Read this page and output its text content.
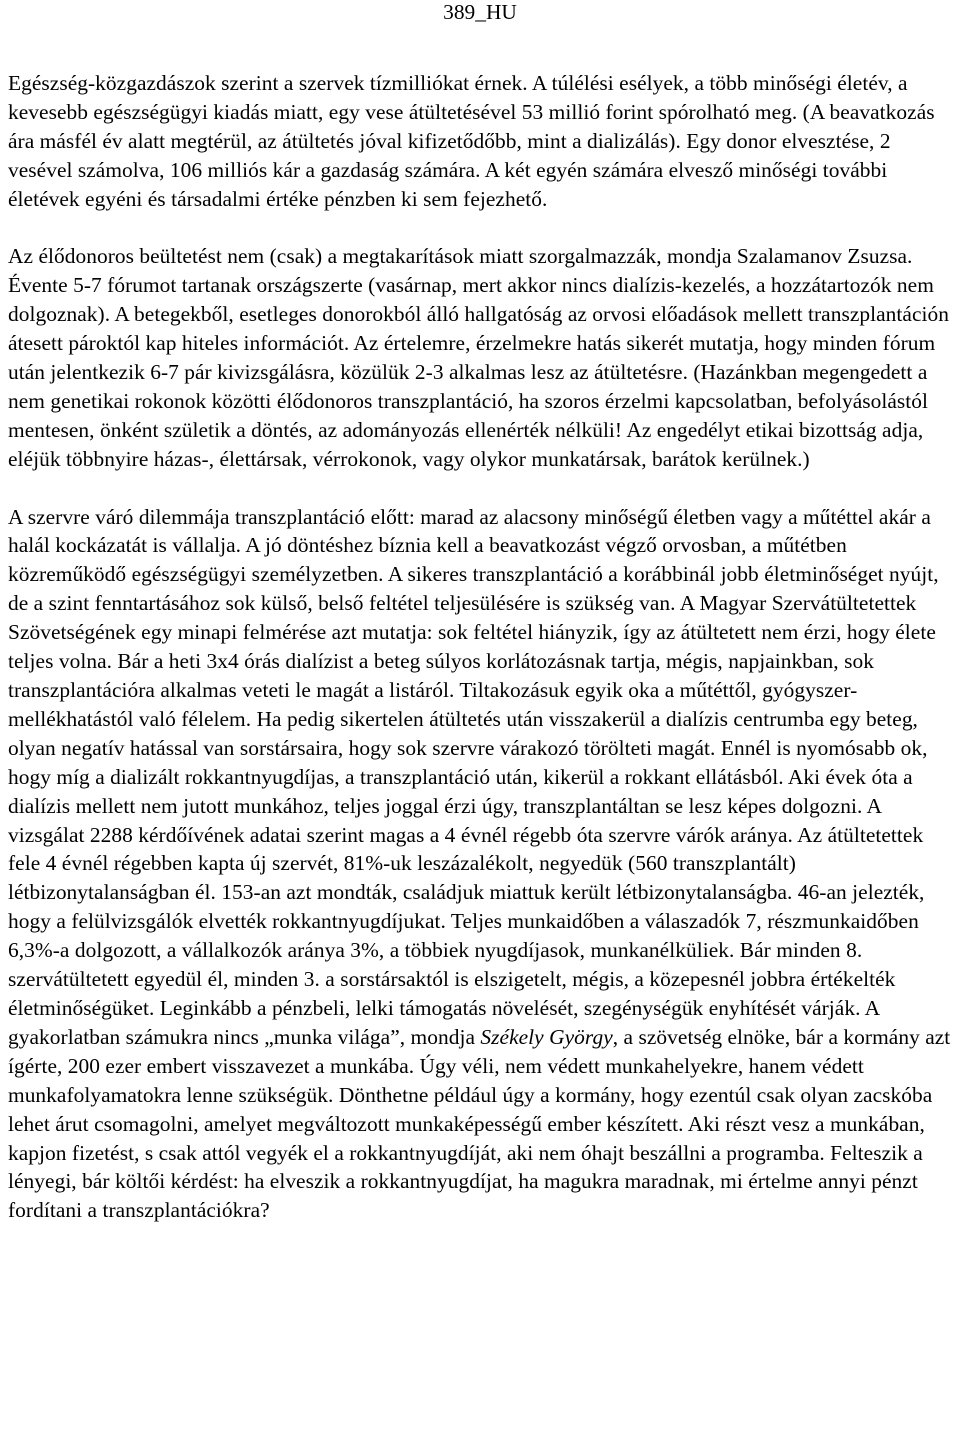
389_HU

Egészség-közgazdászok szerint a szervek tízmilliókat érnek. A túlélési esélyek, a több minőségi életév, a kevesebb egészségügyi kiadás miatt, egy vese átültetésével 53 millió forint spórolható meg. (A beavatkozás ára másfél év alatt megtérül, az átültetés jóval kifizetődőbb, mint a dializálás). Egy donor elvesztése, 2 vesével számolva, 106 milliós kár a gazdaság számára. A két egyén számára elvesző minőségi további életévek egyéni és társadalmi értéke pénzben ki sem fejezhető.

Az élődonoros beültetést nem (csak) a megtakarítások miatt szorgalmazzák, mondja Szalamanov Zsuzsa. Évente 5-7 fórumot tartanak országszerte (vasárnap, mert akkor nincs dialízis-kezelés, a hozzátartozók nem dolgoznak). A betegekből, esetleges donorokból álló hallgatóság az orvosi előadások mellett transzplantáción átesett pároktól kap hiteles információt. Az értelemre, érzelmekre hatás sikerét mutatja, hogy minden fórum után jelentkezik 6-7 pár kivizsgálásra, közülük 2-3 alkalmas lesz az átültetésre. (Hazánkban megengedett a nem genetikai rokonok közötti élődonoros transzplantáció, ha szoros érzelmi kapcsolatban, befolyásolástól mentesen, önként születik a döntés, az adományozás ellenérték nélküli! Az engedélyt etikai bizottság adja, eléjük többnyire házas-, élettársak, vérrokonok, vagy olykor munkatársak, barátok kerülnek.)

A szervre váró dilemmája transzplantáció előtt: marad az alacsony minőségű életben vagy a műtéttel akár a halál kockázatát is vállalja. A jó döntéshez bíznia kell a beavatkozást végző orvosban, a műtétben közreműködő egészségügyi személyzetben. A sikeres transzplantáció a korábbinál jobb életminőséget nyújt, de a szint fenntartásához sok külső, belső feltétel teljesülésére is szükség van. A Magyar Szervátültetettek Szövetségének egy minapi felmérése azt mutatja: sok feltétel hiányzik, így az átültetett nem érzi, hogy élete teljes volna. Bár a heti 3x4 órás dialízist a beteg súlyos korlátozásnak tartja, mégis, napjainkban, sok transzplantációra alkalmas veteti le magát a listáról. Tiltakozásuk egyik oka a műtéttől, gyógyszer-mellékhatástól való félelem. Ha pedig sikertelen átültetés után visszakerül a dialízis centrumba egy beteg, olyan negatív hatással van sorstársaira, hogy sok szervre várakozó törölteti magát. Ennél is nyomósabb ok, hogy míg a dializált rokkantnyugdíjas, a transzplantáció után, kikerül a rokkant ellátásból. Aki évek óta a dialízis mellett nem jutott munkához, teljes joggal érzi úgy, transzplantáltan se lesz képes dolgozni. A vizsgálat 2288 kérdőívének adatai szerint magas a 4 évnél régebb óta szervre várók aránya. Az átültetettek fele 4 évnél régebben kapta új szervét, 81%-uk leszázalékolt, negyedük (560 transzplantált) létbizonytalanságban él. 153-an azt mondták, családjuk miattuk került létbizonytalanságba. 46-an jelezték, hogy a felülvizsgálók elvették rokkantnyugdíjukat. Teljes munkaidőben a válaszadók 7, részmunkaidőben 6,3%-a dolgozott, a vállalkozók aránya 3%, a többiek nyugdíjasok, munkanélküliek. Bár minden 8. szervátültetett egyedül él, minden 3. a sorstársaktól is elszigetelt, mégis, a közepesnél jobbra értékelték életminőségüket. Leginkább a pénzbeli, lelki támogatás növelését, szegénységük enyhítését várják. A gyakorlatban számukra nincs „munka világa”, mondja Székely György, a szövetség elnöke, bár a kormány azt ígérte, 200 ezer embert visszavezet a munkába. Úgy véli, nem védett munkahelyekre, hanem védett munkafolyamatokra lenne szükségük. Dönthetne például úgy a kormány, hogy ezentúl csak olyan zacskóba lehet árut csomagolni, amelyet megváltozott munkaképességű ember készített. Aki részt vesz a munkában, kapjon fizetést, s csak attól vegyék el a rokkantnyugdíját, aki nem óhajt beszállni a programba. Felteszik a lényegi, bár költői kérdést: ha elveszik a rokkantnyugdíjat, ha magukra maradnak, mi értelme annyi pénzt fordítani a transzplantációkra?
